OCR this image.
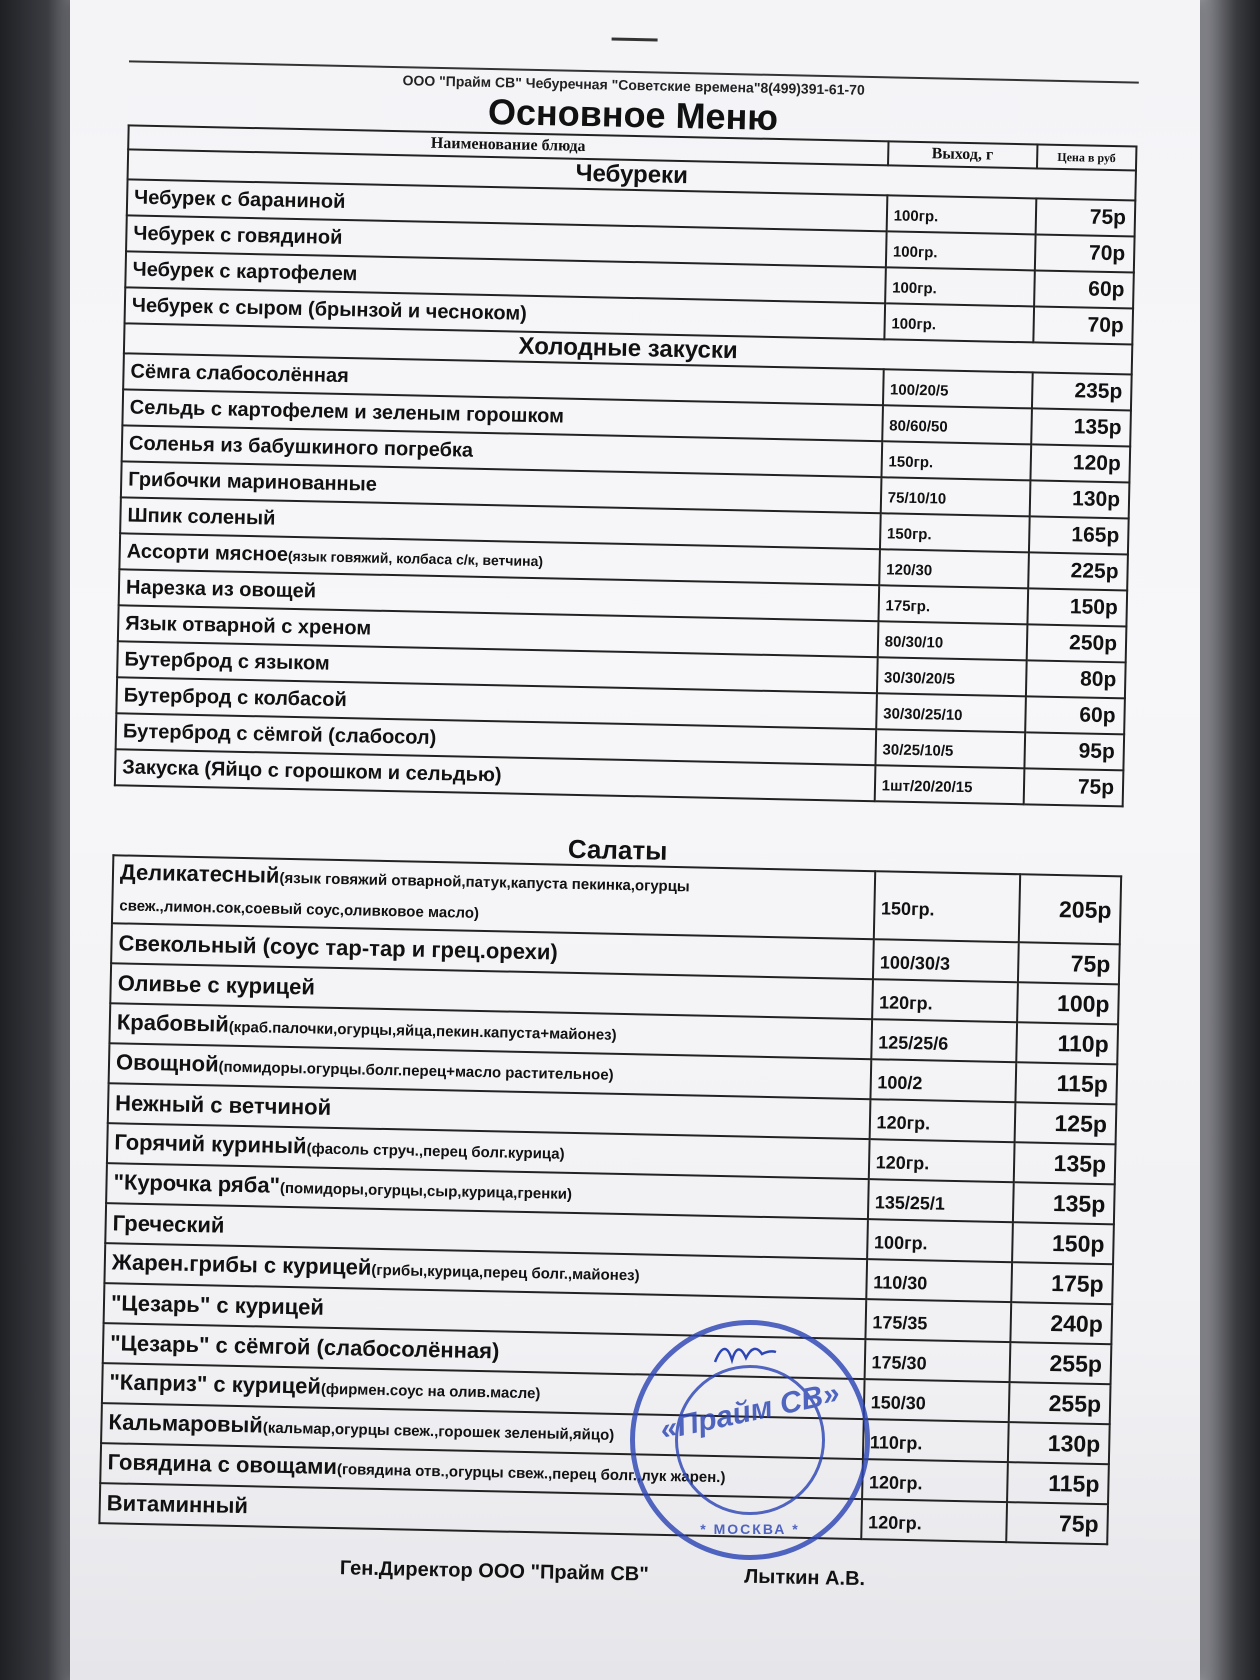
ООО "Прайм СВ" Чебуречная "Советские времена"8(499)391-61-70
Основное Меню
Наименование блюда	Выход, г	Цена в руб
Чебуреки		
Чебурек с бараниной	100гр.	75р
Чебурек с говядиной	100гр.	70р
Чебурек с картофелем	100гр.	60р
Чебурек с сыром (брынзой и чесноком)	100гр.	70р
Холодные закуски		
Сёмга слабосолённая	100/20/5	235р
Сельдь с картофелем и зеленым горошком	80/60/50	135р
Соленья из бабушкиного погребка	150гр.	120р
Грибочки маринованные	75/10/10	130р
Шпик соленый	150гр.	165р
Ассорти мясное(язык говяжий, колбаса с/к, ветчина)	120/30	225р
Нарезка из овощей	175гр.	150р
Язык отварной с хреном	80/30/10	250р
Бутерброд с языком	30/30/20/5	80р
Бутерброд с колбасой	30/30/25/10	60р
Бутерброд с сёмгой (слабосол)	30/25/10/5	95р
Закуска (Яйцо с горошком и сельдью)	1шт/20/20/15	75р
Салаты
Деликатесный(язык говяжий отварной,патук,капуста пекинка,огурцы свеж.,лимон.сок,соевый соус,оливковое масло)	150гр.	205р
Свекольный (соус тар-тар и грец.орехи)	100/30/3	75р
Оливье с курицей	120гр.	100р
Крабовый(краб.палочки,огурцы,яйца,пекин.капуста+майонез)	125/25/6	110р
Овощной(помидоры.огурцы.болг.перец+масло растительное)	100/2	115р
Нежный с ветчиной	120гр.	125р
Горячий куриный(фасоль струч.,перец болг.курица)	120гр.	135р
"Курочка ряба"(помидоры,огурцы,сыр,курица,гренки)	135/25/1	135р
Греческий	100гр.	150р
Жарен.грибы с курицей(грибы,курица,перец болг.,майонез)	110/30	175р
"Цезарь" с курицей	175/35	240р
"Цезарь" с сёмгой (слабосолённая)	175/30	255р
"Каприз" с курицей(фирмен.соус на олив.масле)	150/30	255р
Кальмаровый(кальмар,огурцы свеж.,горошек зеленый,яйцо)	110гр.	130р
Говядина с овощами(говядина отв.,огурцы свеж.,перец болг.,лук жарен.)	120гр.	115р
Витаминный	120гр.	75р
Ген.Директор ООО "Прайм СВ"	Лыткин А.В.
«Прайм СВ»
* МОСКВА *
